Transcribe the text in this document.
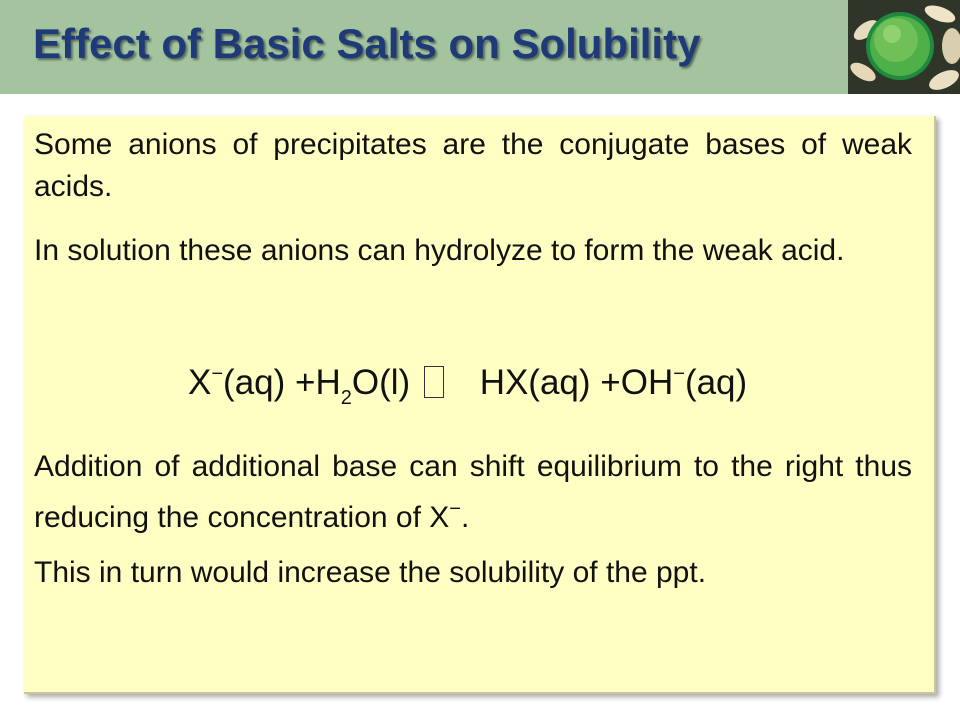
Effect of Basic Salts on Solubility

Some anions of precipitates are the conjugate bases of weak acids.

In solution these anions can hydrolyze to form the weak acid.

X−(aq) +H2O(l) HX(aq) +OH−(aq)

Addition of additional base can shift equilibrium to the right thus reducing the concentration of X−.

This in turn would increase the solubility of the ppt.
